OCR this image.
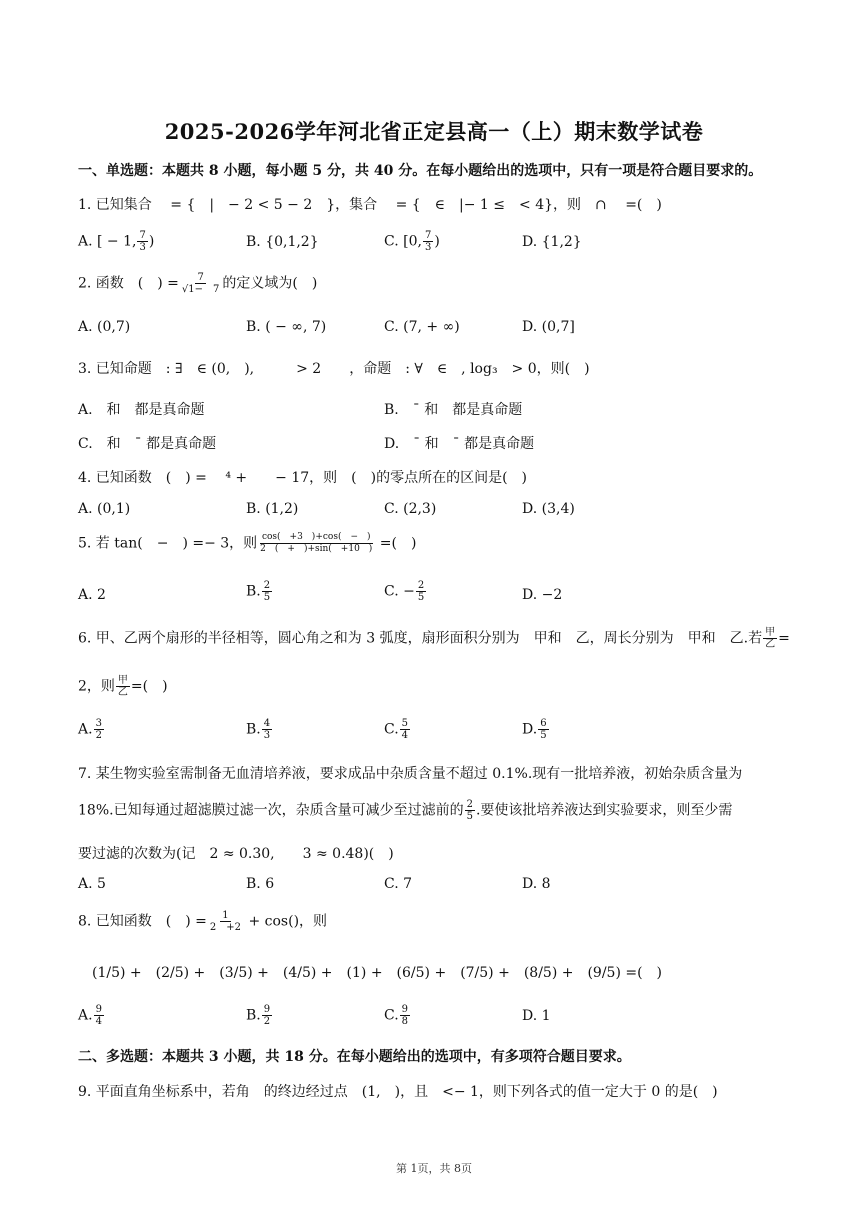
2025-2026学年河北省正定县高一（上）期末数学试卷
一、单选题：本题共 8 小题，每小题 5 分，共 40 分。在每小题给出的选项中，只有一项是符合题目要求的。
1. 已知集合　 = {　|　− 2 < 5 − 2　}，集合　 = {　∈　|− 1 ≤　< 4}，则　∩　 =(　)
A. [ − 1, $\frac{7}{3}$ )	B. {0,1,2}	C. [0, $\frac{7}{3}$ )	D. {1,2}
2. 函数　(　) = $\frac{7}{√1- 7}$ 的定义域为(　)
A. (0,7)	B. ( − ∞, 7)	C. (7, + ∞)	D. (0,7]
3. 已知命题　: ∃　∈ (0,　),　　　> 2　　，命题　: ∀　∈　, log₃　> 0，则(　)
A.　和　都是真命题	B.　¯ 和　都是真命题
C.　和　¯ 都是真命题	D.　¯ 和　¯ 都是真命题
4. 已知函数　(　) = 　⁴ +　　− 17，则　(　)的零点所在的区间是(　)
A. (0,1)	B. (1,2)	C. (2,3)	D. (3,4)
5. 若 tan(　−　) =− 3，则 $\frac{\cos( +3 )+\cos( - )}{2 ( + )+\sin( +10 )}$ =(　)
A. 2	B. $\frac{2}{5}$	C. − $\frac{2}{5}$	D. −2
6. 甲、乙两个扇形的半径相等，圆心角之和为 3 弧度，扇形面积分别为　甲和　乙，周长分别为　甲和　乙.若 $\frac{\text{甲}}{\text{乙}}$ =
2，则 $\frac{\text{甲}}{\text{乙}}$ =(　)
A. $\frac{3}{2}$	B. $\frac{4}{3}$	C. $\frac{5}{4}$	D. $\frac{6}{5}$
7. 某生物实验室需制备无血清培养液，要求成品中杂质含量不超过 0.1%.现有一批培养液，初始杂质含量为
18%.已知每通过超滤膜过滤一次，杂质含量可减少至过滤前的 $\frac{2}{5}$ .要使该批培养液达到实验要求，则至少需
要过滤的次数为(记　2 ≈ 0.30,　　3 ≈ 0.48)(　)
A. 5	B. 6	C. 7	D. 8
8. 已知函数　(　) = $\frac{1}{2 +2} + \cos()$，则
　(1/5) +　(2/5) +　(3/5) +　(4/5) +　(1) +　(6/5) +　(7/5) +　(8/5) +　(9/5) =(　)
A. $\frac{9}{4}$	B. $\frac{9}{2}$	C. $\frac{9}{8}$	D. 1
二、多选题：本题共 3 小题，共 18 分。在每小题给出的选项中，有多项符合题目要求。
9. 平面直角坐标系中，若角　的终边经过点　(1,　)，且　<− 1，则下列各式的值一定大于 0 的是(　)
第 1页，共 8页
